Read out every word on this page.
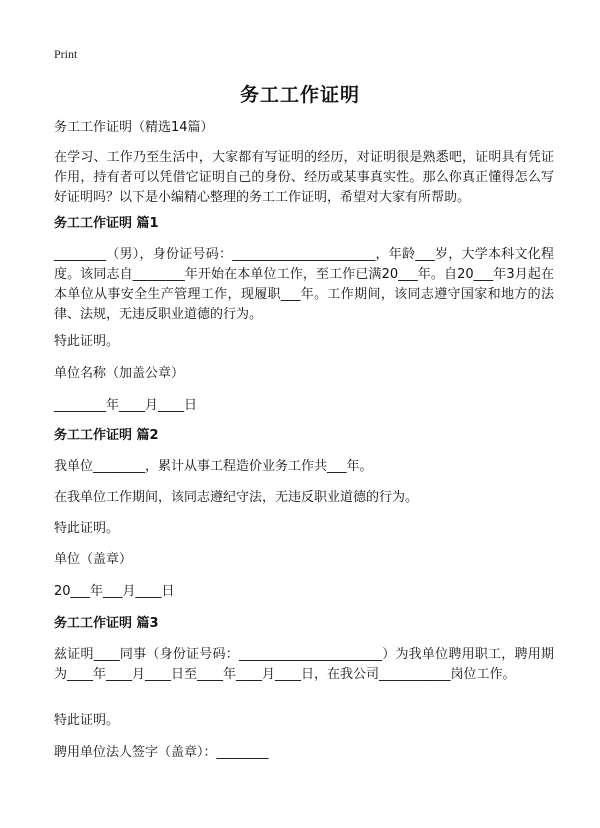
Print
务工工作证明
务工工作证明（精选14篇）
在学习、工作乃至生活中，大家都有写证明的经历，对证明很是熟悉吧，证明具有凭证作用，持有者可以凭借它证明自己的身份、经历或某事真实性。那么你真正懂得怎么写好证明吗？以下是小编精心整理的务工工作证明，希望对大家有所帮助。
务工工作证明 篇1
________（男），身份证号码：______________________，年龄___岁，大学本科文化程度。该同志自________年开始在本单位工作，至工作已满20___年。自20___年3月起在本单位从事安全生产管理工作，现履职___年。工作期间，该同志遵守国家和地方的法律、法规，无违反职业道德的行为。
特此证明。
单位名称（加盖公章）
________年____月____日
务工工作证明 篇2
我单位________，累计从事工程造价业务工作共___年。
在我单位工作期间，该同志遵纪守法，无违反职业道德的行为。
特此证明。
单位（盖章）
20___年___月____日
务工工作证明 篇3
兹证明____同事（身份证号码：______________________）为我单位聘用职工，聘用期为____年____月____日至____年____月____日，在我公司___________岗位工作。
特此证明。
聘用单位法人签字（盖章）：________
